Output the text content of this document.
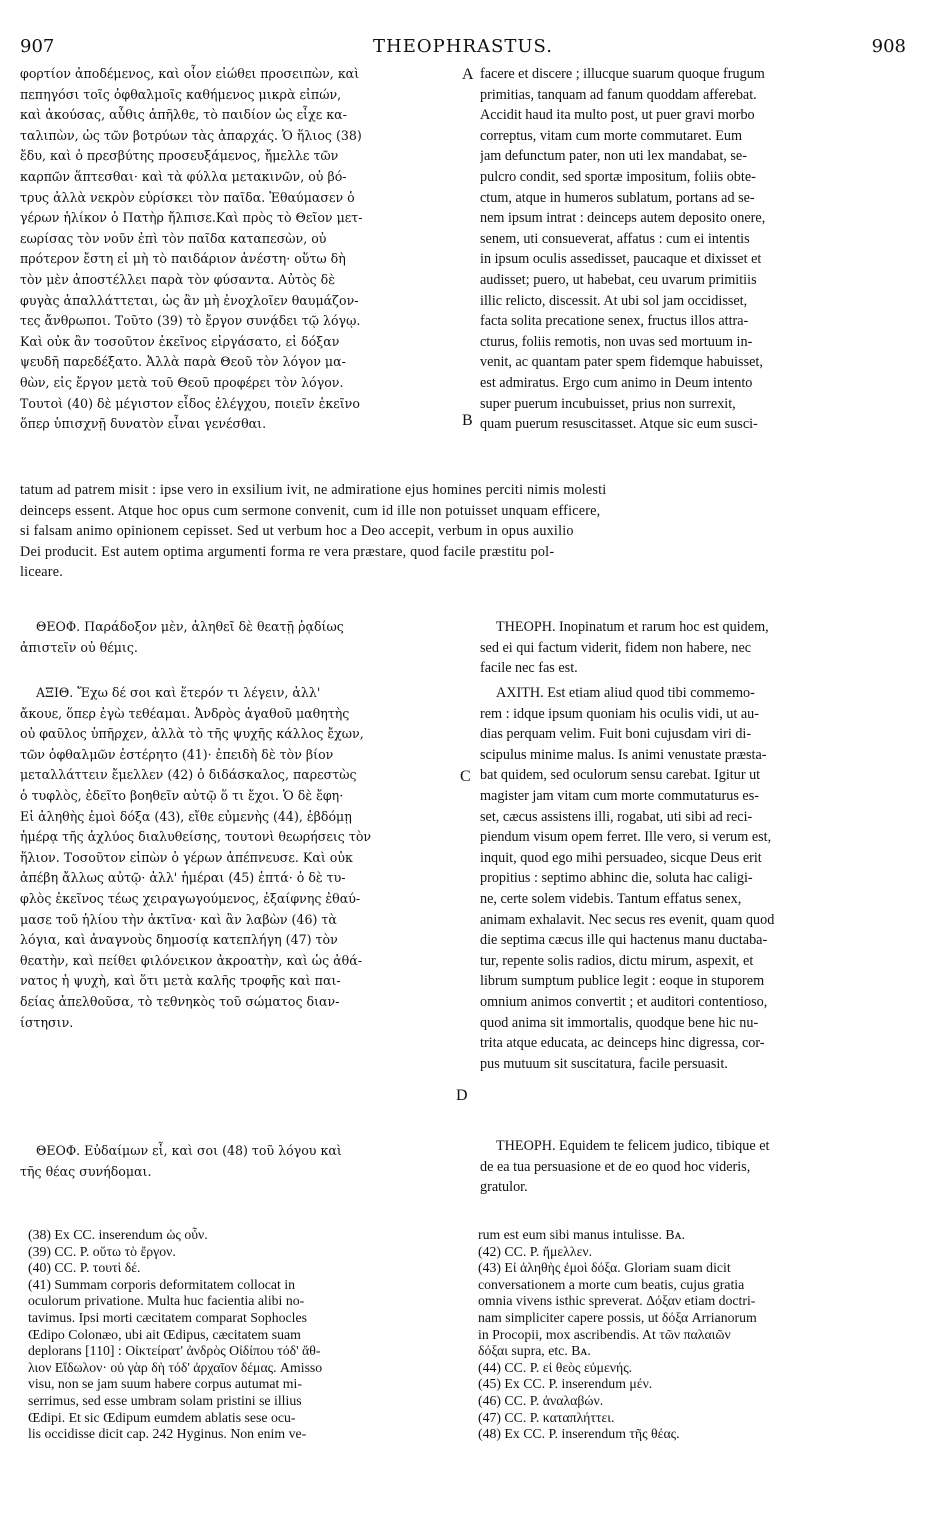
907	THEOPHRASTUS.	908
A
B
C
D
φορτίον ἀποδέμενος, καὶ οἷον εἰώθει προσειπὼν, καὶ
πεπηγόσι τοῖς ὀφθαλμοῖς καθήμενος μικρὰ εἰπών,
καὶ ἀκούσας, αὖθις ἀπῆλθε, τὸ παιδίον ὡς εἶχε κα-
ταλιπὼν, ὡς τῶν βοτρύων τὰς ἀπαρχάς. Ὁ ἥλιος (38)
ἔδυ, καὶ ὁ πρεσβύτης προσευξάμενος, ἤμελλε τῶν
καρπῶν ἅπτεσθαι· καὶ τὰ φύλλα μετακινῶν, οὐ βό-
τρυς ἀλλὰ νεκρὸν εὑρίσκει τὸν παῖδα. Ἐθαύμασεν ὁ
γέρων ἡλίκον ὁ Πατὴρ ἤλπισε.Καὶ πρὸς τὸ Θεῖον μετ-
εωρίσας τὸν νοῦν ἐπὶ τὸν παῖδα καταπεσὼν, οὐ
πρότερον ἔστη εἰ μὴ τὸ παιδάριον ἀνέστη· οὕτω δὴ
τὸν μὲν ἀποστέλλει παρὰ τὸν φύσαντα. Αὐτὸς δὲ
φυγὰς ἀπαλλάττεται, ὡς ἂν μὴ ἐνοχλοῖεν θαυμάζον-
τες ἄνθρωποι. Τοῦτο (39) τὸ ἔργον συνᾴδει τῷ λόγῳ.
Καὶ οὐκ ἂν τοσοῦτον ἐκεῖνος εἰργάσατο, εἰ δόξαν
ψευδῆ παρεδέξατο. Ἀλλὰ παρὰ Θεοῦ τὸν λόγον μα-
θὼν, εἰς ἔργον μετὰ τοῦ Θεοῦ προφέρει τὸν λόγον.
Τουτοὶ (40) δὲ μέγιστον εἶδος ἐλέγχου, ποιεῖν ἐκεῖνο
ὅπερ ὑπισχνῇ δυνατὸν εἶναι γενέσθαι.
facere et discere ; illucque suarum quoque frugum
primitias, tanquam ad fanum quoddam afferebat.
Accidit haud ita multo post, ut puer gravi morbo
correptus, vitam cum morte commutaret. Eum
jam defunctum pater, non uti lex mandabat, se-
pulcro condit, sed sportæ impositum, foliis obte-
ctum, atque in humeros sublatum, portans ad se-
nem ipsum intrat : deinceps autem deposito onere,
senem, uti consueverat, affatus : cum ei intentis
in ipsum oculis assedisset, paucaque et dixisset et
audisset; puero, ut habebat, ceu uvarum primitiis
illic relicto, discessit. At ubi sol jam occidisset,
facta solita precatione senex, fructus illos attra-
cturus, foliis remotis, non uvas sed mortuum in-
venit, ac quantam pater spem fidemque habuisset,
est admiratus. Ergo cum animo in Deum intento
super puerum incubuisset, prius non surrexit,
quam puerum resuscitasset. Atque sic eum susci-
tatum ad patrem misit : ipse vero in exsilium ivit, ne admiratione ejus homines perciti nimis molesti
deinceps essent. Atque hoc opus cum sermone convenit, cum id ille non potuisset unquam efficere,
si falsam animo opinionem cepisset. Sed ut verbum hoc a Deo accepit, verbum in opus auxilio
Dei producit. Est autem optima argumenti forma re vera præstare, quod facile præstitu pol-
liceare.
ΘΕΟΦ. Παράδοξον μὲν, ἀληθεῖ δὲ θεατῇ ῥᾳδίως
ἀπιστεῖν οὐ θέμις.
THEOPH. Inopinatum et rarum hoc est quidem,
sed ei qui factum viderit, fidem non habere, nec
facile nec fas est.
ΑΞΙΘ. Ἔχω δέ σοι καὶ ἕτερόν τι λέγειν, ἀλλ'
ἄκουε, ὅπερ ἐγὼ τεθέαμαι. Ἀνδρὸς ἀγαθοῦ μαθητὴς
οὐ φαῦλος ὑπῆρχεν, ἀλλὰ τὸ τῆς ψυχῆς κάλλος ἔχων,
τῶν ὀφθαλμῶν ἐστέρητο (41)· ἐπειδὴ δὲ τὸν βίον
μεταλλάττειν ἔμελλεν (42) ὁ διδάσκαλος, παρεστὼς
ὁ τυφλὸς, ἐδεῖτο βοηθεῖν αὐτῷ ὅ τι ἔχοι. Ὁ δὲ ἔφη·
Εἰ ἀληθὴς ἐμοὶ δόξα (43), εἴθε εὐμενὴς (44), ἑβδόμῃ
ἡμέρᾳ τῆς ἀχλύος διαλυθείσης, τουτονὶ θεωρήσεις τὸν
ἥλιον. Τοσοῦτον εἰπὼν ὁ γέρων ἀπέπνευσε. Καὶ οὐκ
ἀπέβη ἄλλως αὐτῷ· ἀλλ' ἡμέραι (45) ἑπτά· ὁ δὲ τυ-
φλὸς ἐκεῖνος τέως χειραγωγούμενος, ἐξαίφνης ἐθαύ-
μασε τοῦ ἡλίου τὴν ἀκτῖνα· καὶ ἂν λαβὼν (46) τὰ
λόγια, καὶ ἀναγνοὺς δημοσίᾳ κατεπλήγη (47) τὸν
θεατὴν, καὶ πείθει φιλόνεικον ἀκροατὴν, καὶ ὡς ἀθά-
νατος ἡ ψυχὴ, καὶ ὅτι μετὰ καλῆς τροφῆς καὶ παι-
δείας ἀπελθοῦσα, τὸ τεθνηκὸς τοῦ σώματος διαν-
ίστησιν.
AXITH. Est etiam aliud quod tibi commemo-
rem : idque ipsum quoniam his oculis vidi, ut au-
dias perquam velim. Fuit boni cujusdam viri di-
scipulus minime malus. Is animi venustate præsta-
bat quidem, sed oculorum sensu carebat. Igitur ut
magister jam vitam cum morte commutaturus es-
set, cæcus assistens illi, rogabat, uti sibi ad reci-
piendum visum opem ferret. Ille vero, si verum est,
inquit, quod ego mihi persuadeo, sicque Deus erit
propitius : septimo abhinc die, soluta hac caligi-
ne, certe solem videbis. Tantum effatus senex,
animam exhalavit. Nec secus res evenit, quam quod
die septima cæcus ille qui hactenus manu ductaba-
tur, repente solis radios, dictu mirum, aspexit, et
librum sumptum publice legit : eoque in stuporem
omnium animos convertit ; et auditori contentioso,
quod anima sit immortalis, quodque bene hic nu-
trita atque educata, ac deinceps hinc digressa, cor-
pus mutuum sit suscitatura, facile persuasit.
ΘΕΟΦ. Εὐδαίμων εἶ, καὶ σοι (48) τοῦ λόγου καὶ
τῆς θέας συνήδομαι.
THEOPH. Equidem te felicem judico, tibique et
de ea tua persuasione et de eo quod hoc videris,
gratulor.
(38) Ex CC. inserendum ὡς οὖν.
(39) CC. P. οὕτω τὸ ἔργον.
(40) CC. P. τουτὶ δέ.
(41) Summam corporis deformitatem collocat in
oculorum privatione. Multa huc facientia alibi no-
tavimus. Ipsi morti cæcitatem comparat Sophocles
Œdipo Colonæo, ubi ait Œdipus, cæcitatem suam
deplorans [110] : Οἰκτείρατ' ἀνδρὸς Οἰδίπου τόδ' ἄθ-
λιον Εἴδωλον· οὐ γὰρ δὴ τόδ' ἀρχαῖον δέμας. Amisso
visu, non se jam suum habere corpus autumat mi-
serrimus, sed esse umbram solam pristini se illius
Œdipi. Et sic Œdipum eumdem ablatis sese ocu-
lis occidisse dicit cap. 242 Hyginus. Non enim ve-
rum est eum sibi manus intulisse. Bᴀ.
(42) CC. P. ἤμελλεν.
(43) Εἰ ἀληθὴς ἐμοὶ δόξα. Gloriam suam dicit
conversationem a morte cum beatis, cujus gratia
omnia vivens isthic spreverat. Δόξαν etiam doctri-
nam simpliciter capere possis, ut δόξα Arrianorum
in Procopii, mox ascribendis. At τῶν παλαιῶν
δόξαι supra, etc. Bᴀ.
(44) CC. P. εἰ θεὸς εὐμενής.
(45) Ex CC. P. inserendum μέν.
(46) CC. P. ἀναλαβών.
(47) CC. P. καταπλήττει.
(48) Ex CC. P. inserendum τῆς θέας.
